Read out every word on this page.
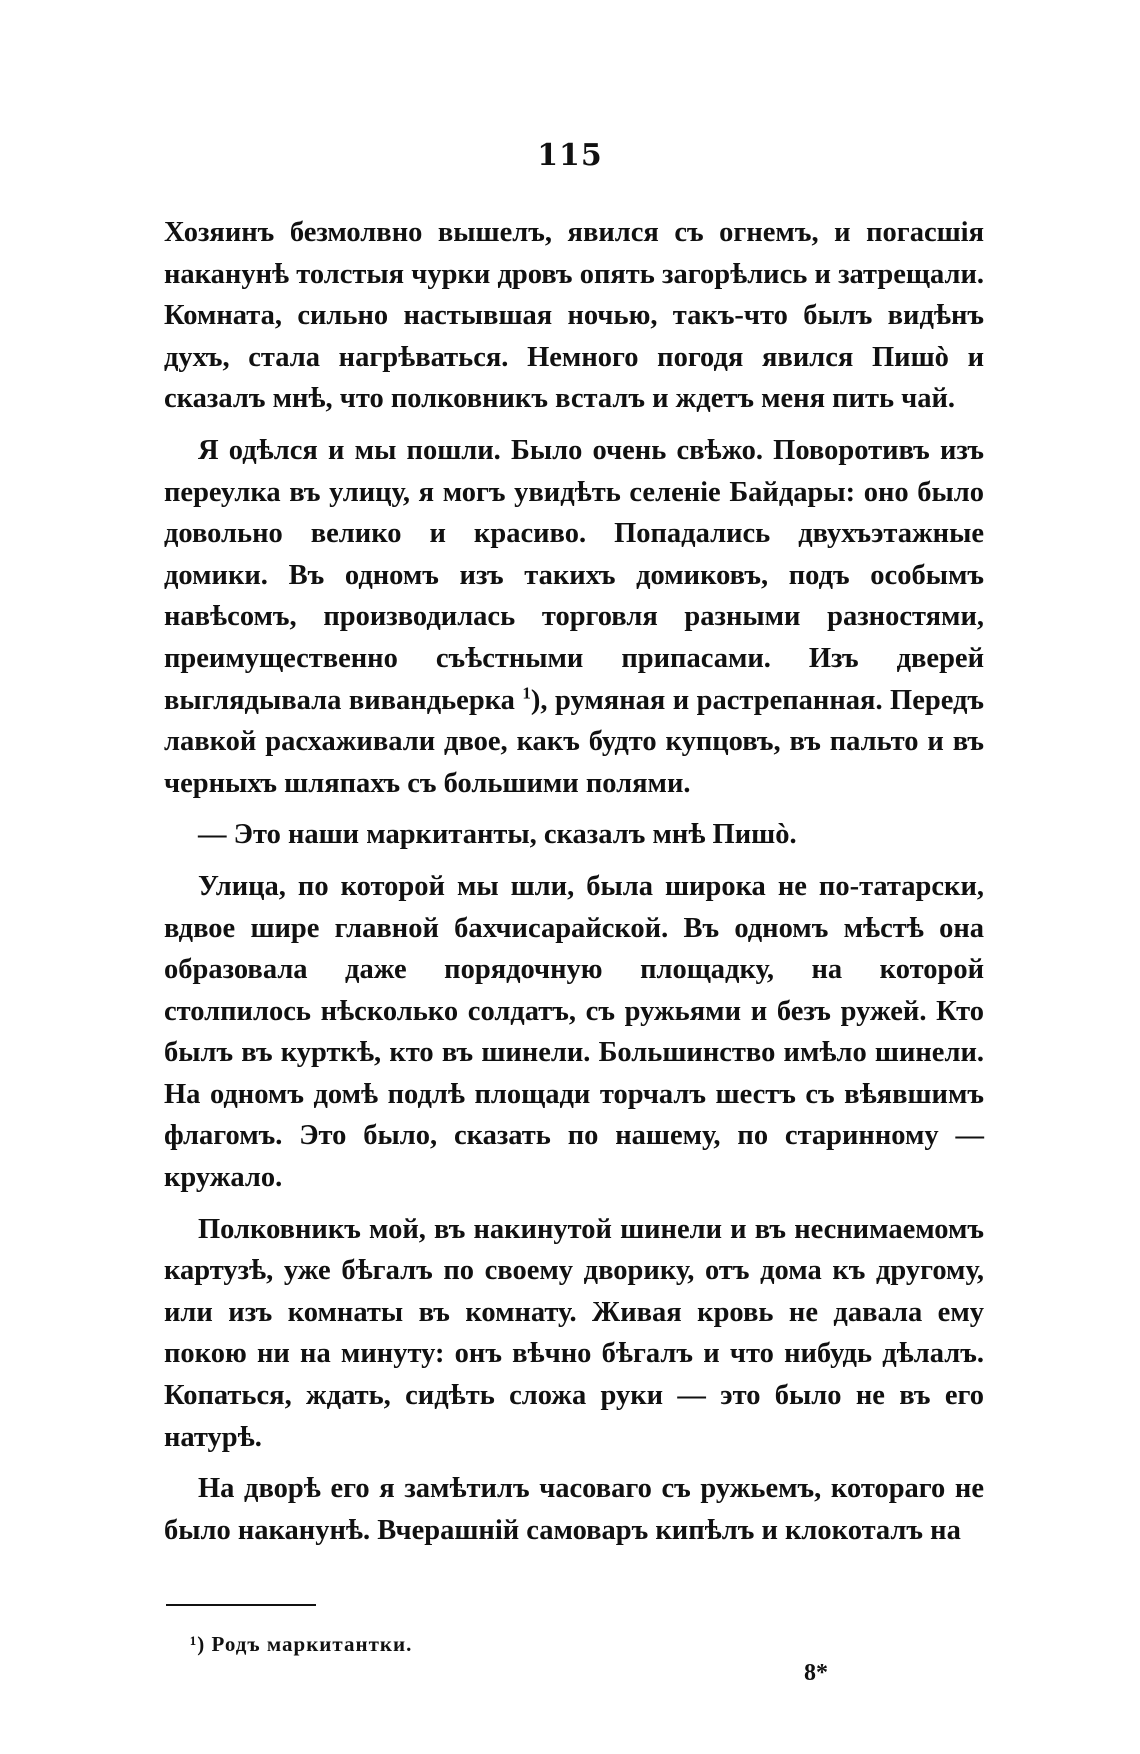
115

Хозяинъ безмолвно вышелъ, явился съ огнемъ, и погасшія наканунѣ толстыя чурки дровъ опять загорѣлись и затрещали. Комната, сильно настывшая ночью, такъ-что былъ видѣнъ духъ, стала нагрѣваться. Немного погодя явился Пишò и сказалъ мнѣ, что полковникъ всталъ и ждетъ меня пить чай.

Я одѣлся и мы пошли. Было очень свѣжо. Поворотивъ изъ переулка въ улицу, я могъ увидѣть селеніе Байдары: оно было довольно велико и красиво. Попадались двухъэтажные домики. Въ одномъ изъ такихъ домиковъ, подъ особымъ навѣсомъ, производилась торговля разными разностями, преимущественно съѣстными припасами. Изъ дверей выглядывала вивандьерка $^1$), румяная и растрепанная. Передъ лавкой расхаживали двое, какъ будто купцовъ, въ пальто и въ черныхъ шляпахъ съ большими полями.

— Это наши маркитанты, сказалъ мнѣ Пишò.

Улица, по которой мы шли, была широка не по-татарски, вдвое шире главной бахчисарайской. Въ одномъ мѣстѣ она образовала даже порядочную площадку, на которой столпилось нѣсколько солдатъ, съ ружьями и безъ ружей. Кто былъ въ курткѣ, кто въ шинели. Большинство имѣло шинели. На одномъ домѣ подлѣ площади торчалъ шестъ съ вѣявшимъ флагомъ. Это было, сказать по нашему, по старинному — кружало.

Полковникъ мой, въ накинутой шинели и въ неснимаемомъ картузѣ, уже бѣгалъ по своему дворику, отъ дома къ другому, или изъ комнаты въ комнату. Живая кровь не давала ему покою ни на минуту: онъ вѣчно бѣгалъ и что нибудь дѣлалъ. Копаться, ждать, сидѣть сложа руки — это было не въ его натурѣ.

На дворѣ его я замѣтилъ часоваго съ ружьемъ, котораго не было наканунѣ. Вчерашній самоваръ кипѣлъ и клокоталъ на

¹) Родъ маркитантки.
8*
